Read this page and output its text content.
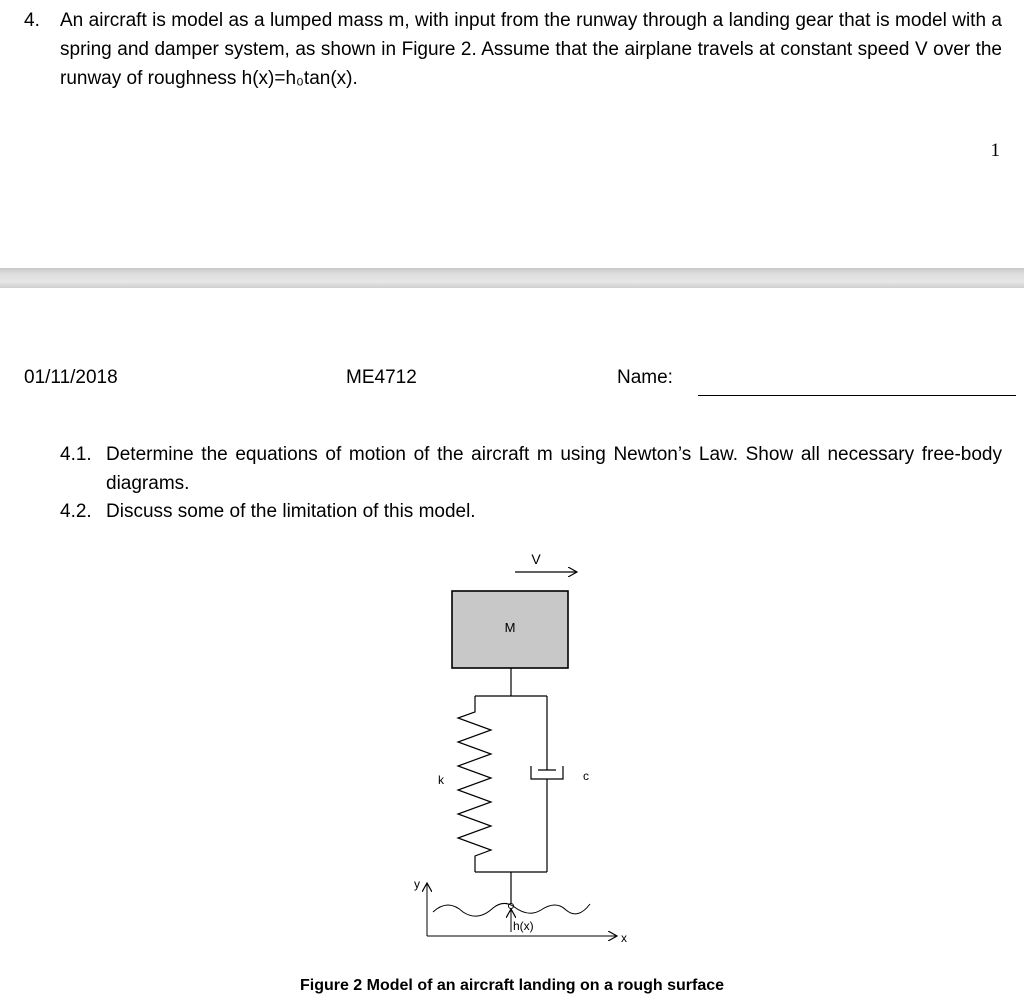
4. An aircraft is model as a lumped mass m, with input from the runway through a landing gear that is model with a spring and damper system, as shown in Figure 2. Assume that the airplane travels at constant speed V over the runway of roughness h(x)=h₀tan(x).
1
01/11/2018	ME4712	Name:
4.1. Determine the equations of motion of the aircraft m using Newton’s Law. Show all necessary free-body diagrams.
4.2. Discuss some of the limitation of this model.
V
M
k	c
y
x
h(x)
Figure 2 Model of an aircraft landing on a rough surface
